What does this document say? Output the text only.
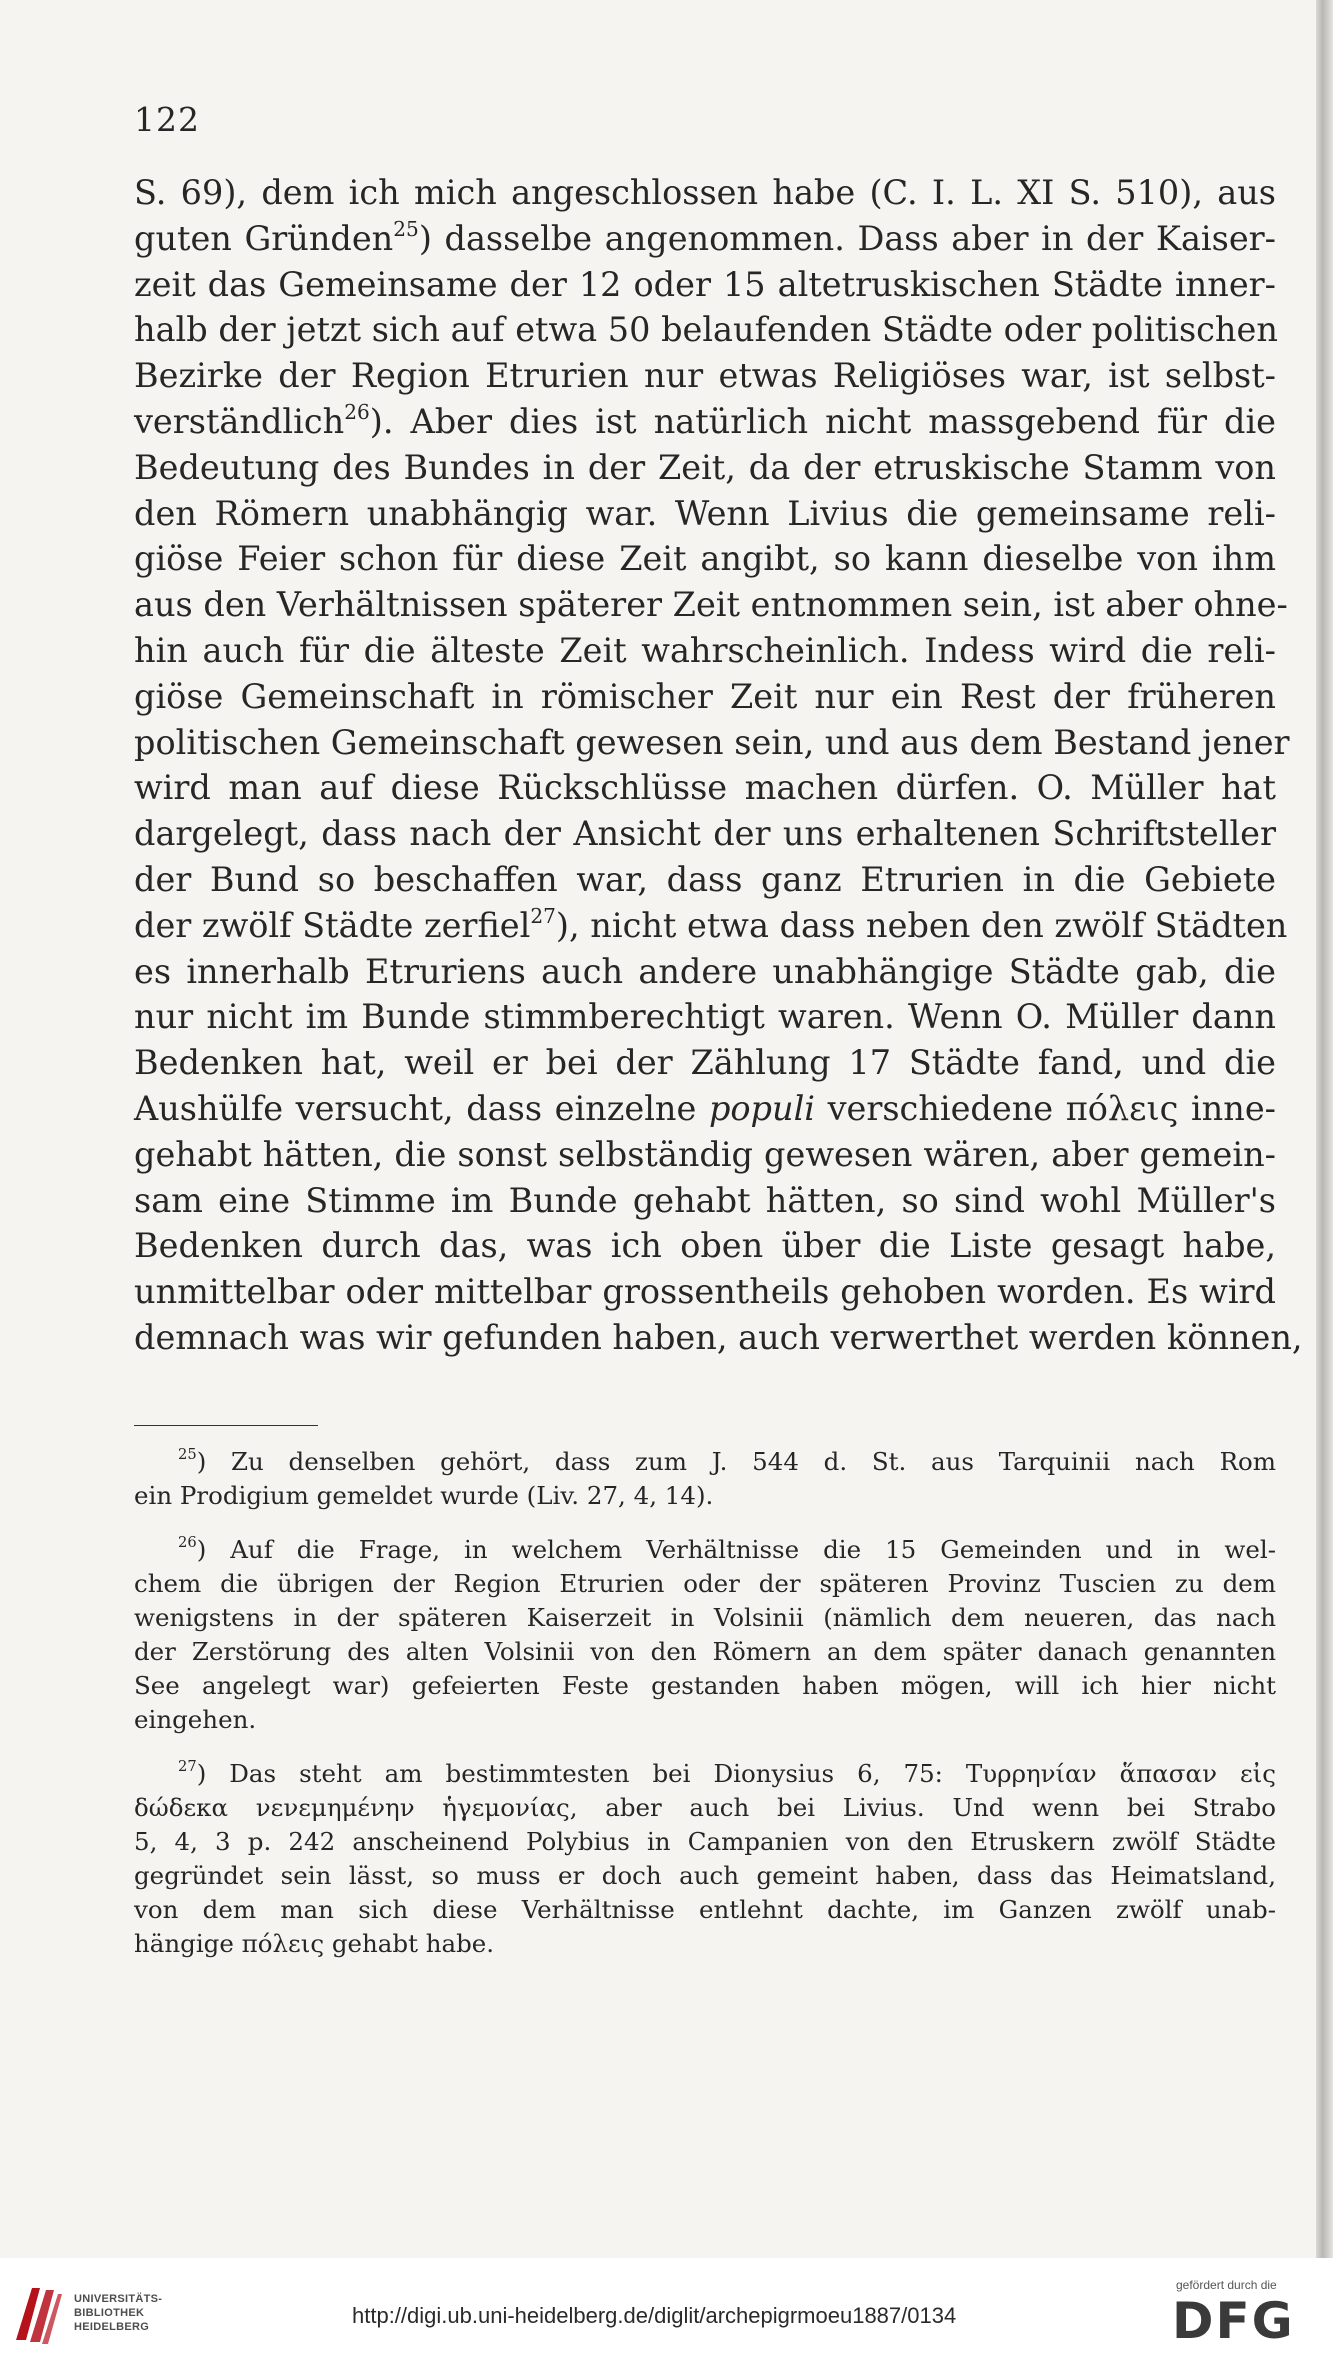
122
S. 69), dem ich mich angeschlossen habe (C. I. L. XI S. 510), aus
guten Gründen$^{25}$) dasselbe angenommen. Dass aber in der Kaiser-
zeit das Gemeinsame der 12 oder 15 altetruskischen Städte inner-
halb der jetzt sich auf etwa 50 belaufenden Städte oder politischen
Bezirke der Region Etrurien nur etwas Religiöses war, ist selbst-
verständlich$^{26}$). Aber dies ist natürlich nicht massgebend für die
Bedeutung des Bundes in der Zeit, da der etruskische Stamm von
den Römern unabhängig war. Wenn Livius die gemeinsame reli-
giöse Feier schon für diese Zeit angibt, so kann dieselbe von ihm
aus den Verhältnissen späterer Zeit entnommen sein, ist aber ohne-
hin auch für die älteste Zeit wahrscheinlich. Indess wird die reli-
giöse Gemeinschaft in römischer Zeit nur ein Rest der früheren
politischen Gemeinschaft gewesen sein, und aus dem Bestand jener
wird man auf diese Rückschlüsse machen dürfen. O. Müller hat
dargelegt, dass nach der Ansicht der uns erhaltenen Schriftsteller
der Bund so beschaffen war, dass ganz Etrurien in die Gebiete
der zwölf Städte zerfiel$^{27}$), nicht etwa dass neben den zwölf Städten
es innerhalb Etruriens auch andere unabhängige Städte gab, die
nur nicht im Bunde stimmberechtigt waren. Wenn O. Müller dann
Bedenken hat, weil er bei der Zählung 17 Städte fand, und die
Aushülfe versucht, dass einzelne populi verschiedene πόλεις inne-
gehabt hätten, die sonst selbständig gewesen wären, aber gemein-
sam eine Stimme im Bunde gehabt hätten, so sind wohl Müller's
Bedenken durch das, was ich oben über die Liste gesagt habe,
unmittelbar oder mittelbar grossentheils gehoben worden. Es wird
demnach was wir gefunden haben, auch verwerthet werden können,
$^{25}$) Zu denselben gehört, dass zum J. 544 d. St. aus Tarquinii nach Rom
ein Prodigium gemeldet wurde (Liv. 27, 4, 14).
$^{26}$) Auf die Frage, in welchem Verhältnisse die 15 Gemeinden und in wel-
chem die übrigen der Region Etrurien oder der späteren Provinz Tuscien zu dem
wenigstens in der späteren Kaiserzeit in Volsinii (nämlich dem neueren, das nach
der Zerstörung des alten Volsinii von den Römern an dem später danach genannten
See angelegt war) gefeierten Feste gestanden haben mögen, will ich hier nicht
eingehen.
$^{27}$) Das steht am bestimmtesten bei Dionysius 6, 75: Τυρρηνίαν ἅπασαν εἰς
δώδεκα νενεμημένην ἡγεμονίας, aber auch bei Livius. Und wenn bei Strabo
5, 4, 3 p. 242 anscheinend Polybius in Campanien von den Etruskern zwölf Städte
gegründet sein lässt, so muss er doch auch gemeint haben, dass das Heimatsland,
von dem man sich diese Verhältnisse entlehnt dachte, im Ganzen zwölf unab-
hängige πόλεις gehabt habe.
UNIVERSITÄTS-
BIBLIOTHEK
HEIDELBERG	http://digi.ub.uni-heidelberg.de/diglit/archepigrmoeu1887/0134
gefördert durch die
DFG
